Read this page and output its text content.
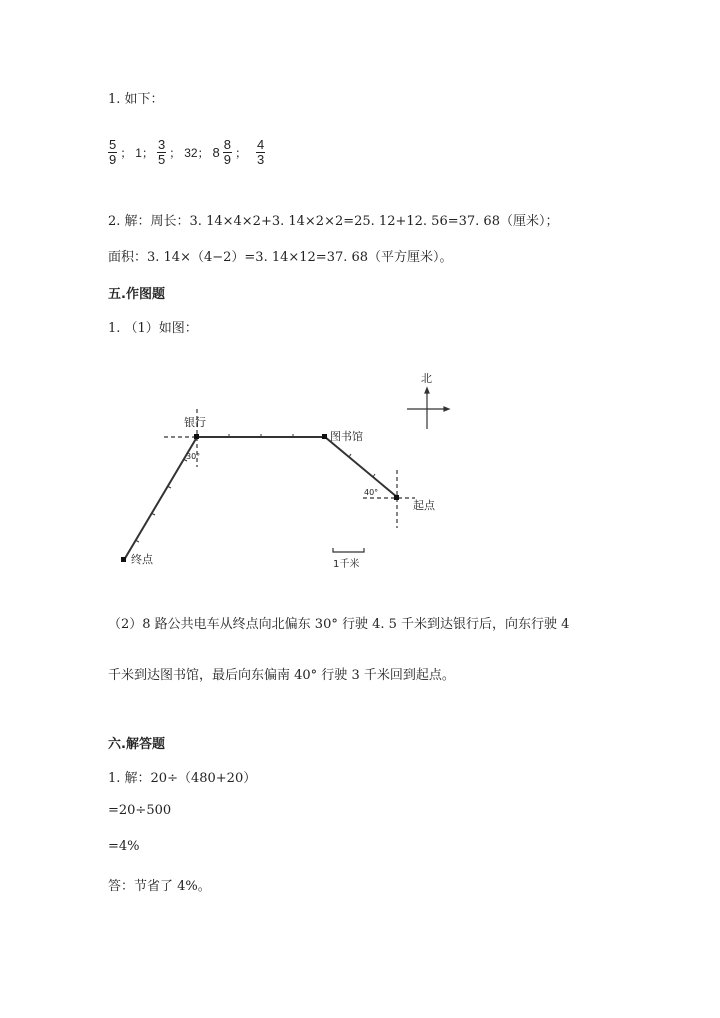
1. 如下：
$\frac{5}{9}$ ； 1； $\frac{3}{5}$ ； 32； $8 \frac{8}{9}$ ； $\frac{4}{3}$
2. 解：周长：3. 14×4×2+3. 14×2×2=25. 12+12. 56=37. 68（厘米）；
面积：3. 14×（4−2）=3. 14×12=37. 68（平方厘米）。
五.作图题
1. （1）如图：
北
银行
图书馆
起点
终点
30°
40°
1千米
（2）8 路公共电车从终点向北偏东 30° 行驶 4. 5 千米到达银行后，向东行驶 4
千米到达图书馆，最后向东偏南 40° 行驶 3 千米回到起点。
六.解答题
1. 解：20÷（480+20）
=20÷500
=4%
答：节省了 4%。
